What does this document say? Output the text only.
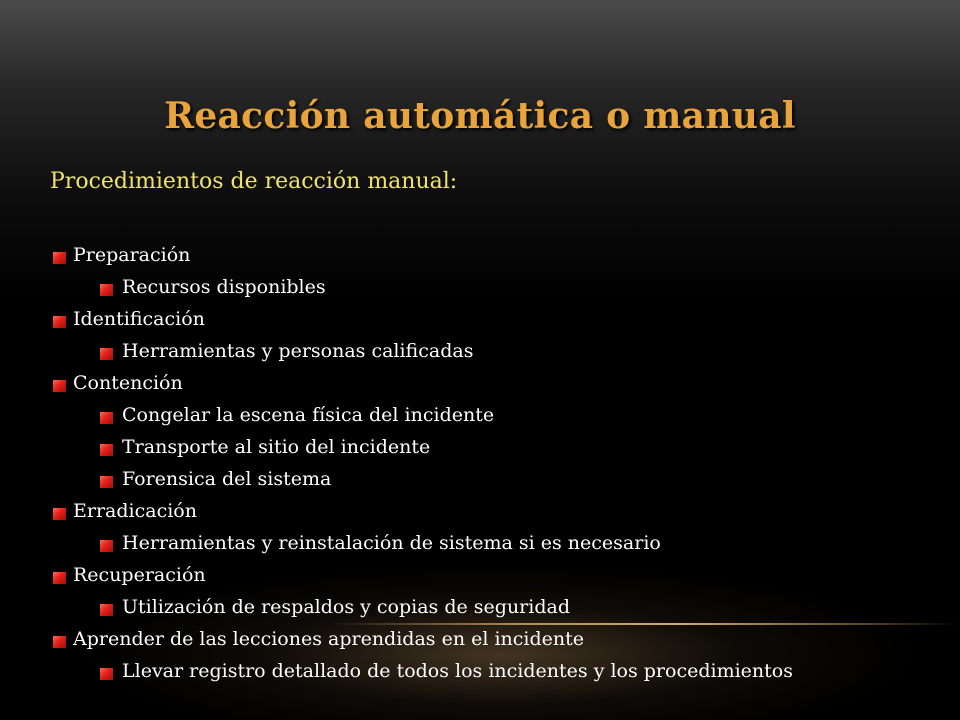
Reacción automática o manual
Procedimientos de reacción manual:
Preparación
Recursos disponibles
Identificación
Herramientas y personas calificadas
Contención
Congelar la escena física del incidente
Transporte al sitio del incidente
Forensica del sistema
Erradicación
Herramientas y reinstalación de sistema si es necesario
Recuperación
Utilización de respaldos y copias de seguridad
Aprender de las lecciones aprendidas en el incidente
Llevar registro detallado de todos los incidentes y los procedimientos
